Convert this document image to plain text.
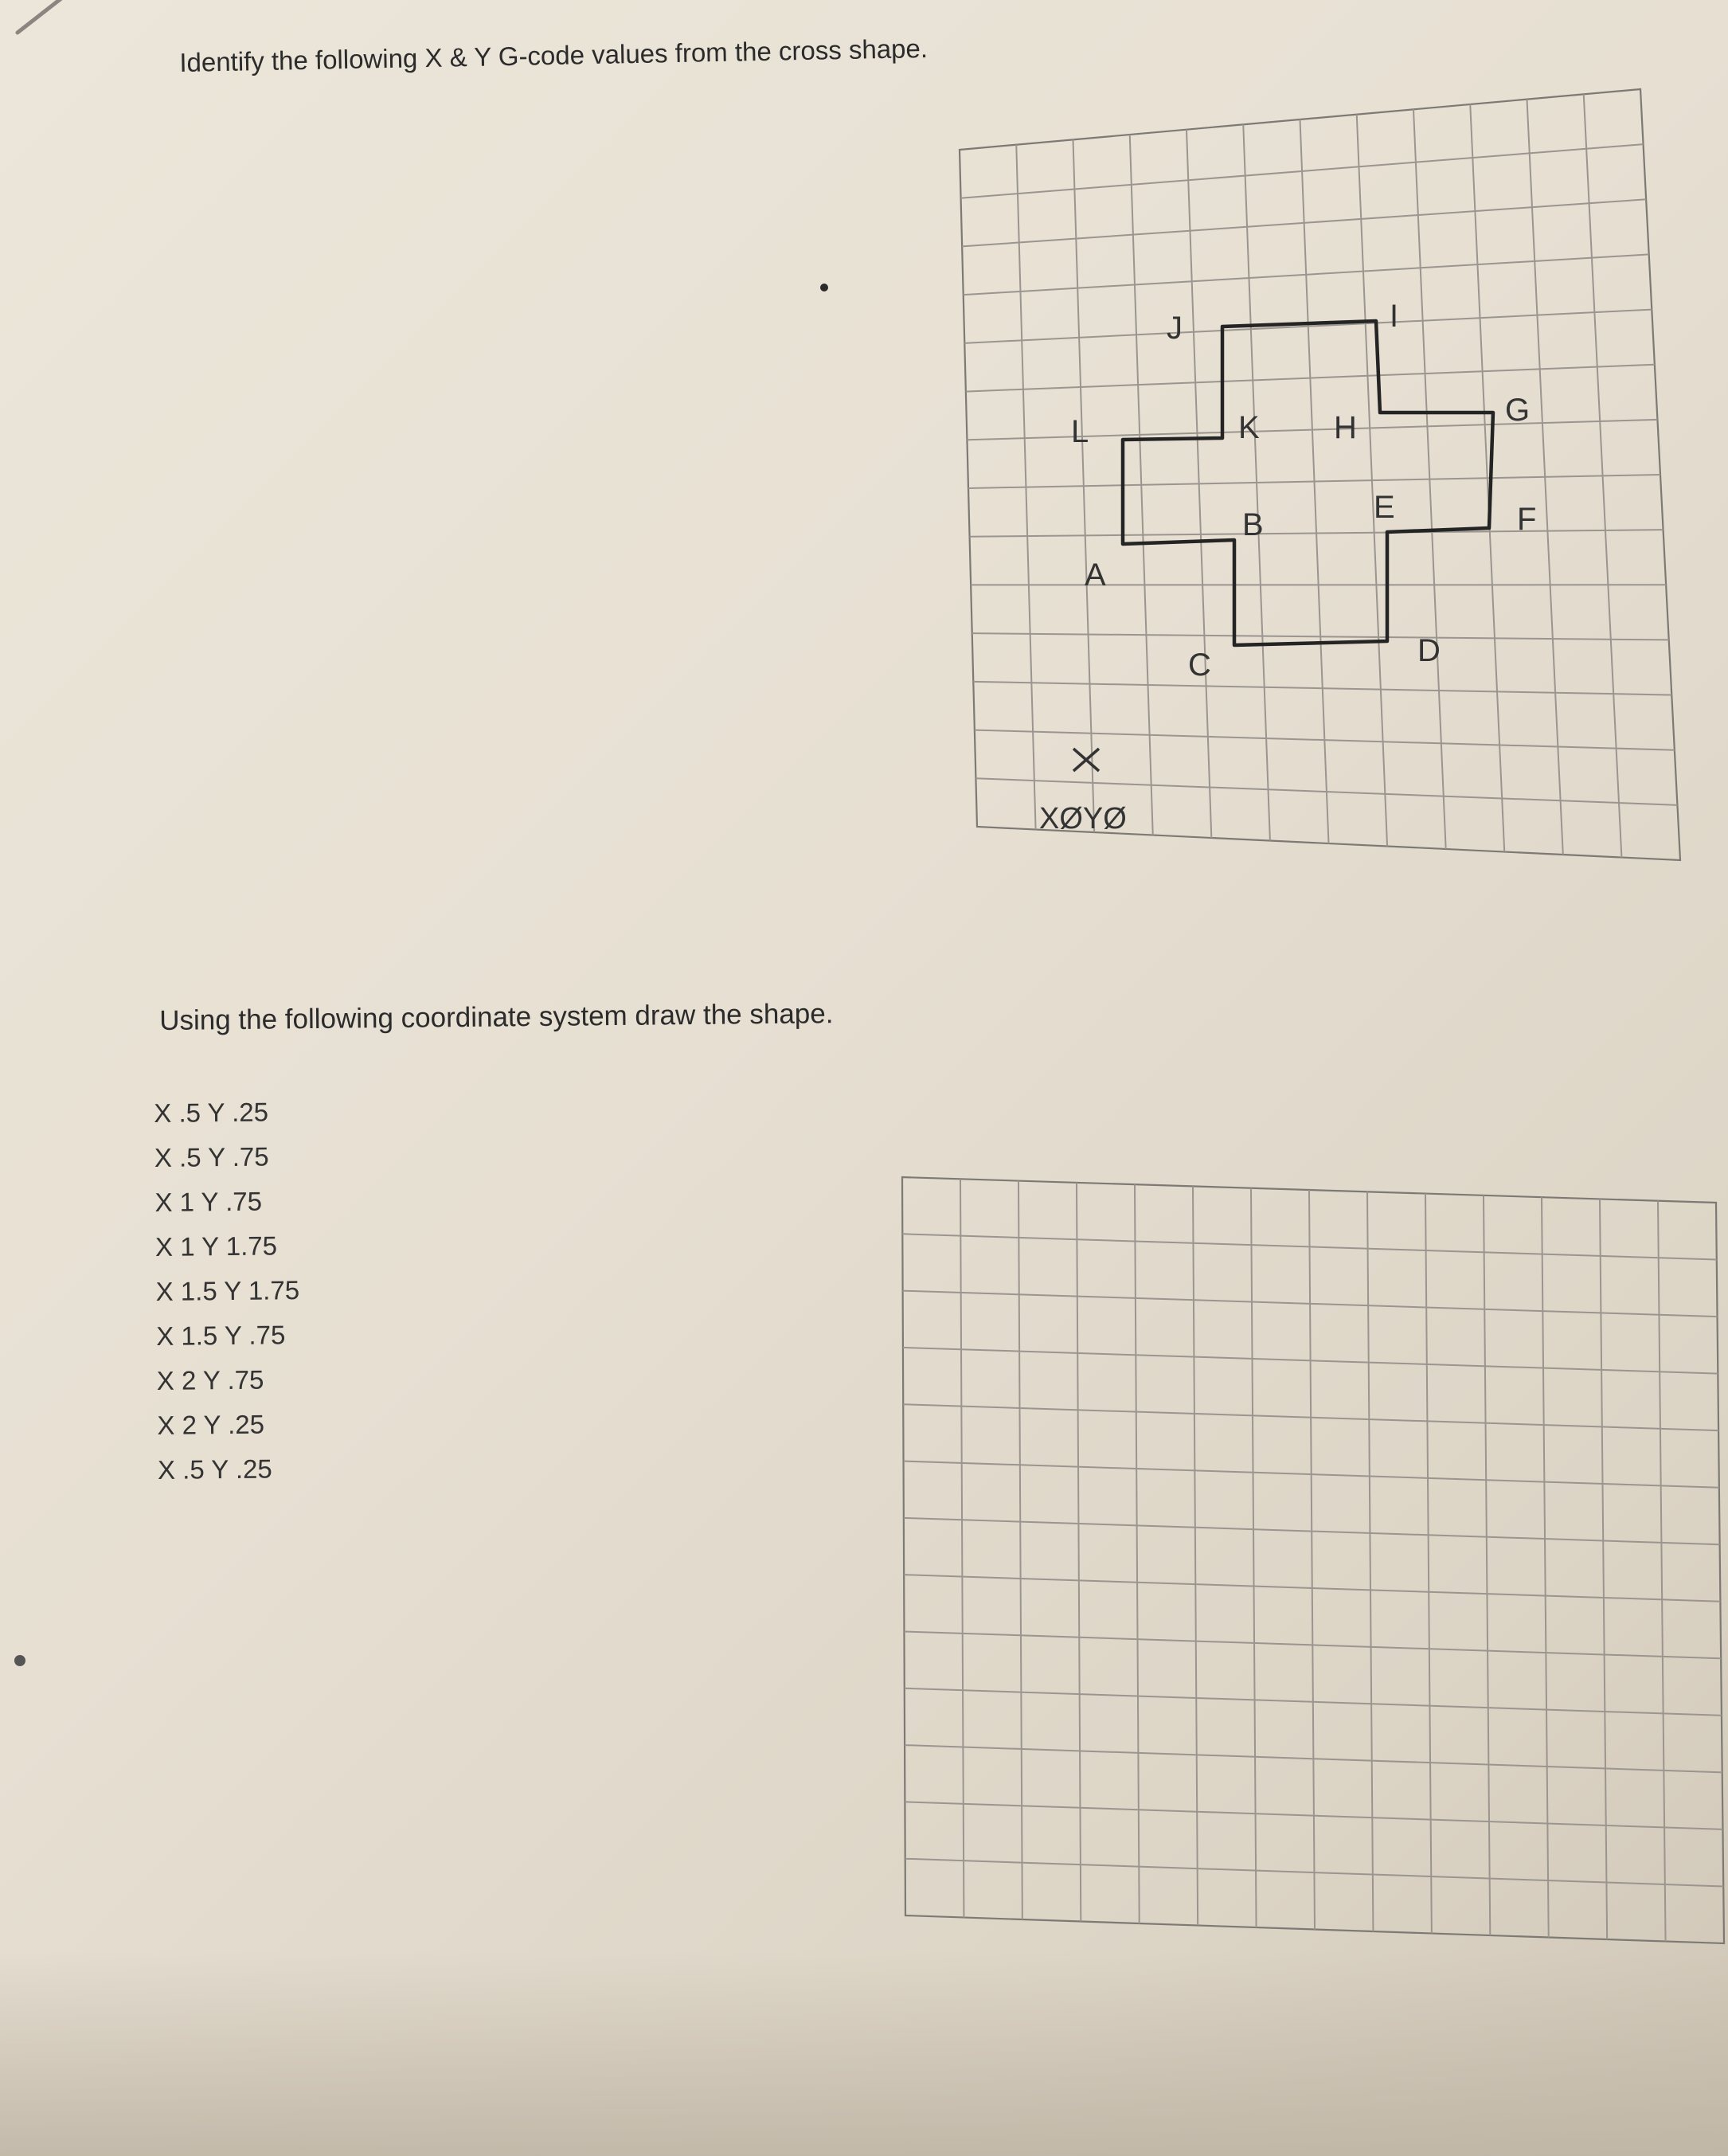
Identify the following X & Y G-code values from the cross shape.
J	I
L	K H	G
B	E	F
A
C	D
XØYØ
Using the following coordinate system draw the shape.
X .5 Y .25
X .5 Y .75
X 1 Y .75
X 1 Y 1.75
X 1.5 Y 1.75
X 1.5 Y .75
X 2 Y .75
X 2 Y .25
X .5 Y .25
